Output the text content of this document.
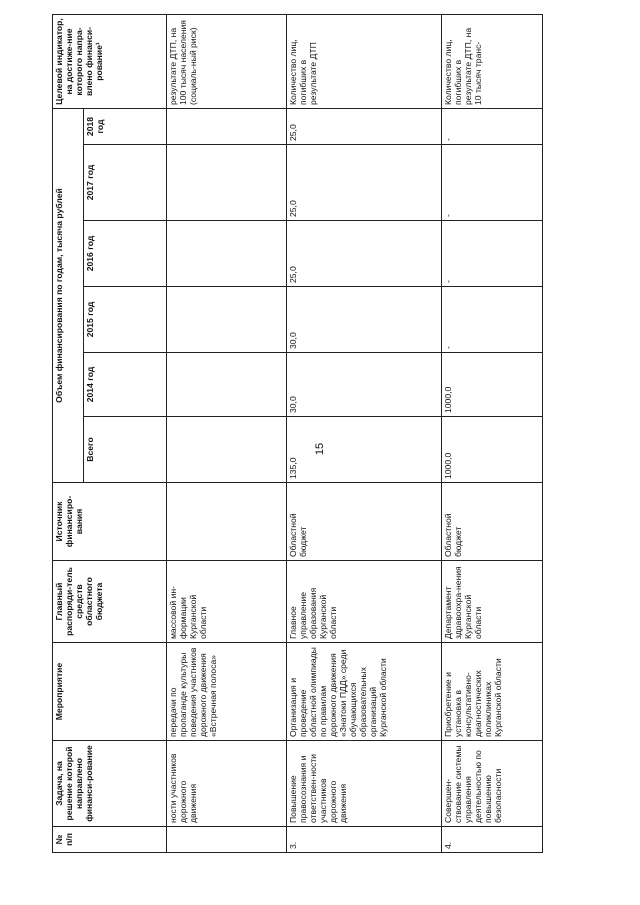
15
№ п/п	Задача, на решение которой направлено финанси-рование	Мероприятие	Главный распоряди-тель средств областного бюджета	Источник финансиро-вания	Объем финансирования по годам, тысяча рублей						Целевой индикатор, на достиже-ние которого напра-влено финанси-рование¹
					Всего	2014 год	2015 год	2016 год	2017 год	2018 год	
	ности участников дорожного движения	передачи по пропаганде культуры поведения участников дорожного движения «Встречная полоса»	массовой ин-формации Курганской области								результате ДТП, на 100 тысяч населения (социаль-ный риск)
3.	Повышение правосознания и ответствен-ности участников дорожного движения	Организация и проведение областной олимпиады по правилам дорожного движения «Знатоки ПДД» среди обучающихся образовательных организаций Курганской области	Главное управление образования Курганской области	Областной бюджет	135,0	30,0	30,0	25,0	25,0	25,0	Количество лиц, погибших в результате ДТП
4.	Совершен-ствование системы управления деятельностью по повышению безопасности	Приобретение и установка в консультативно-диагностических поликлиниках Курганской области	Департамент здравоохра-нения Курганской области	Областной бюджет	1000,0	1000,0	-	-	-	-	Количество лиц, погибших в результате ДТП, на 10 тысяч транс-
